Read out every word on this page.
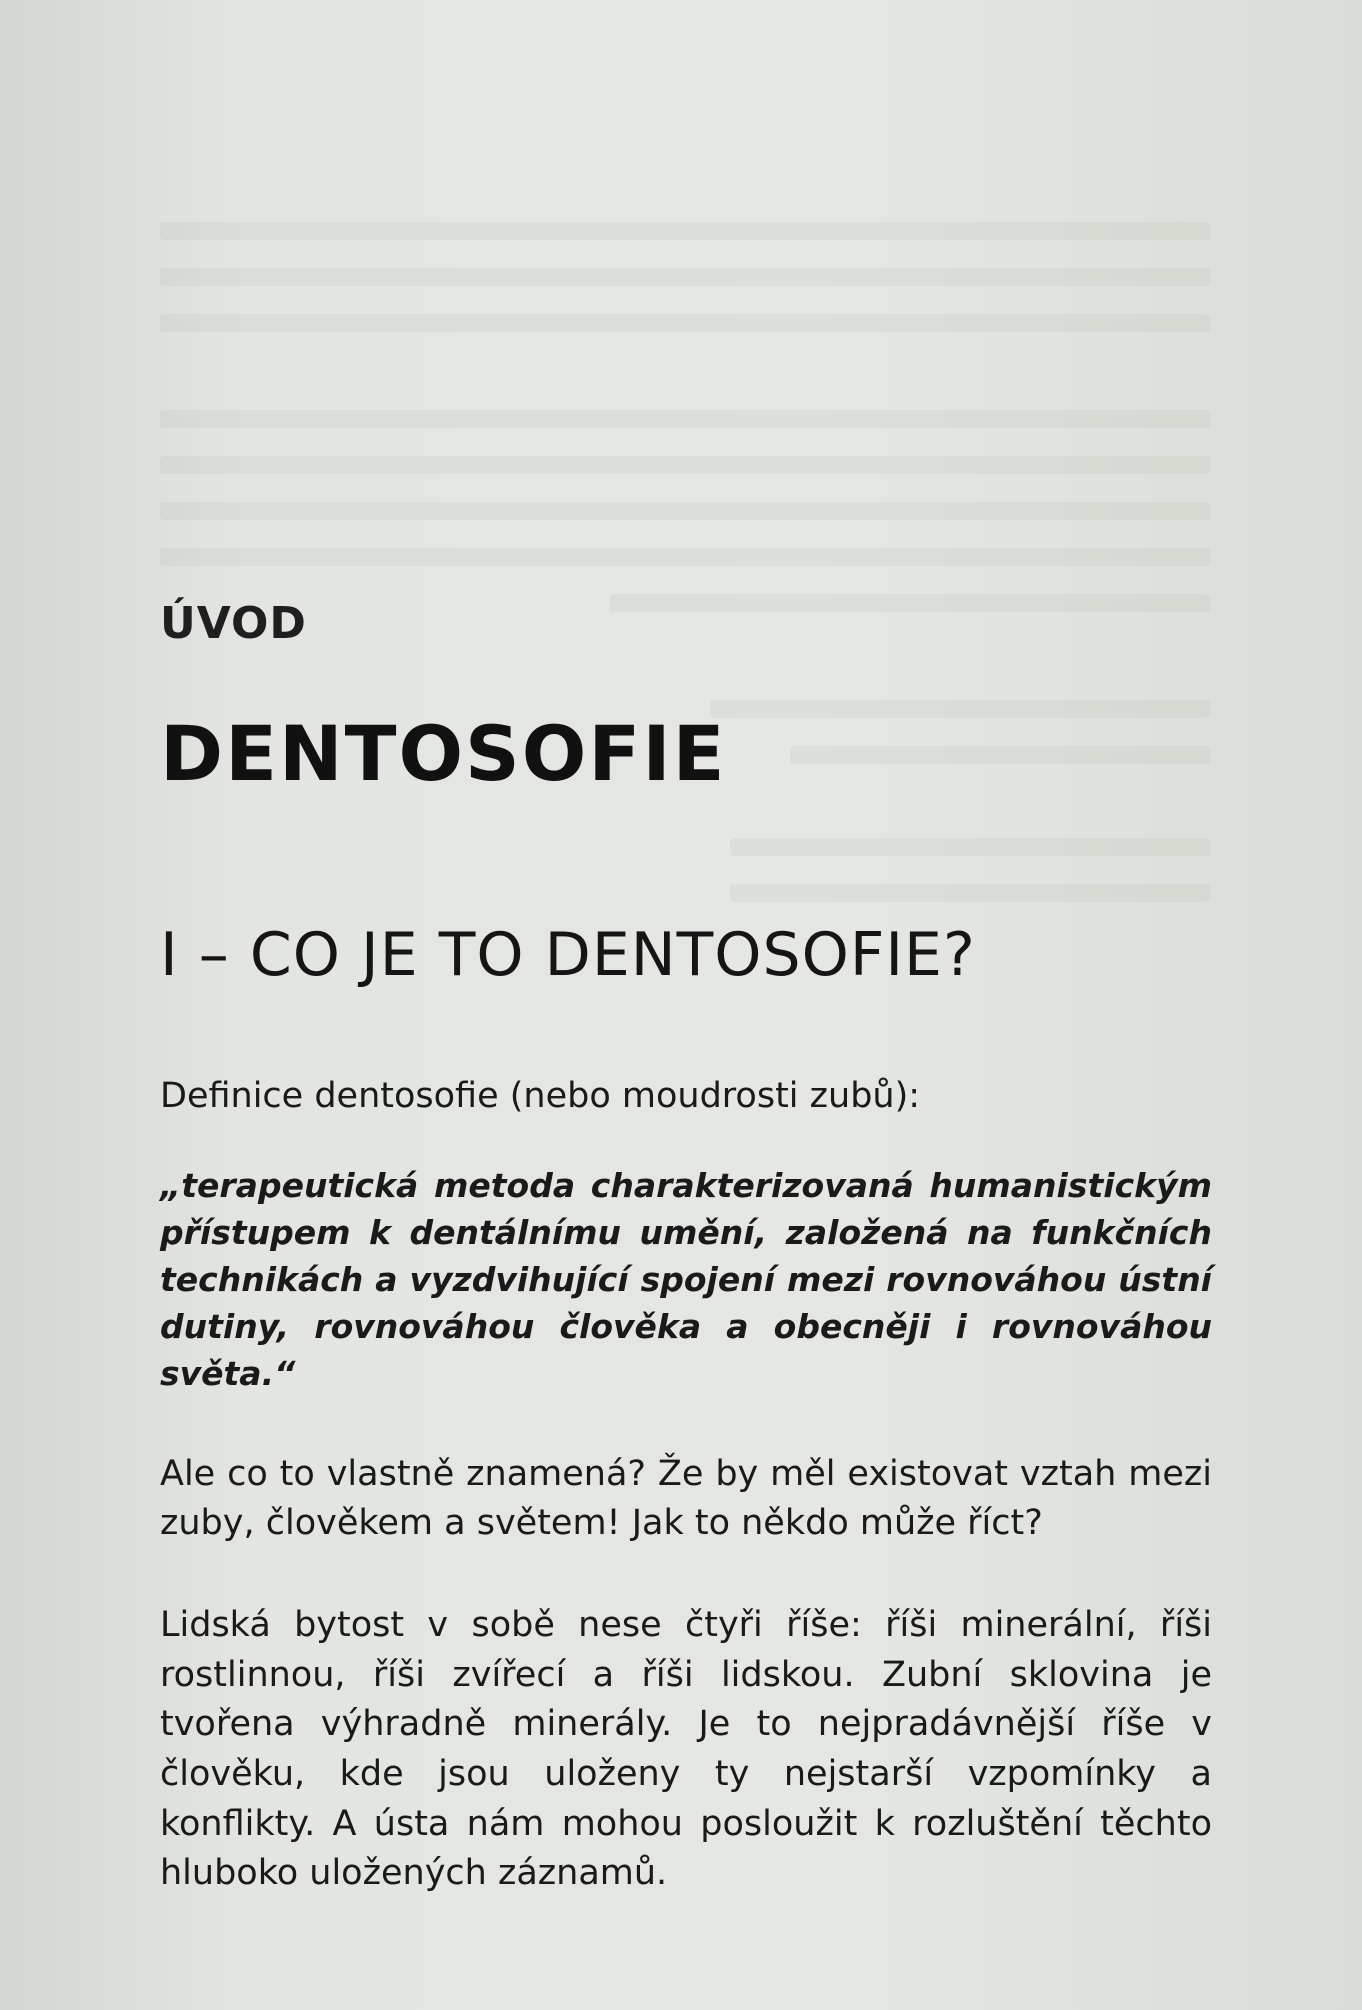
ÚVOD
DENTOSOFIE
I – CO JE TO DENTOSOFIE?

Definice dentosofie (nebo moudrosti zubů):

„terapeutická metoda charakterizovaná humanistickým přístupem k dentálnímu umění, založená na funkčních technikách a vyzdvihující spojení mezi rovnováhou ústní dutiny, rovnováhou člověka a obecněji i rovnováhou světa.“

Ale co to vlastně znamená? Že by měl existovat vztah mezi zuby, člověkem a světem! Jak to někdo může říct?

Lidská bytost v sobě nese čtyři říše: říši minerální, říši rostlinnou, říši zvířecí a říši lidskou. Zubní sklovina je tvořena výhradně minerály. Je to nejpradávnější říše v člověku, kde jsou uloženy ty nejstarší vzpomínky a konflikty. A ústa nám mohou posloužit k rozluštění těchto hluboko uložených záznamů.
